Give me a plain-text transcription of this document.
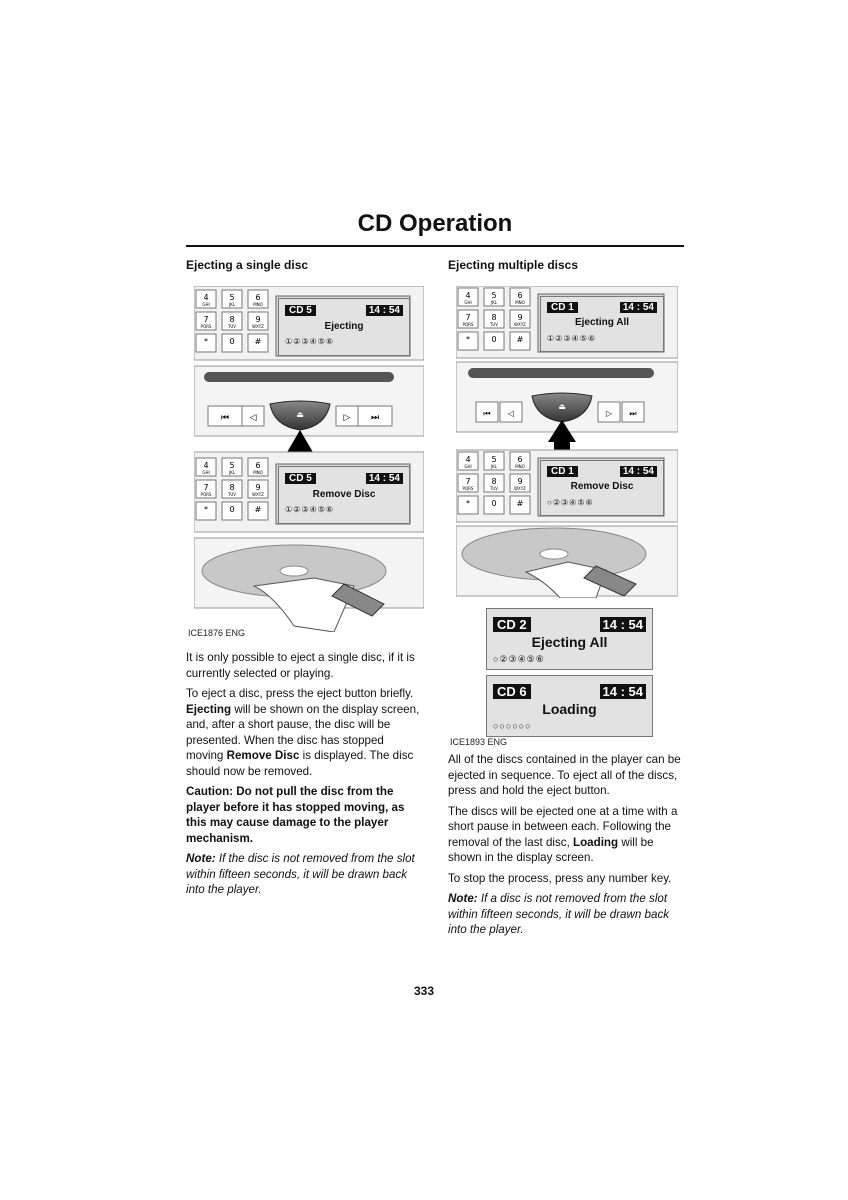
CD Operation
Ejecting a single disc
4
GHI
5
JKL
6
MNO
7
PQRS
8
TUV
9
WXYZ
*	0	#
⏮ ◁	⏏	▷ ⏭
4
GHI
5
JKL
6
MNO
7
PQRS
8
TUV
9
WXYZ
*	0	#
CD 5	14 : 54
Ejecting
①②③④⑤⑥
CD 5	14 : 54
Remove Disc
①②③④⑤⑥
ICE1876 ENG

It is only possible to eject a single disc, if it is currently selected or playing.

To eject a disc, press the eject button briefly. Ejecting will be shown on the display screen, and, after a short pause, the disc will be presented. When the disc has stopped moving Remove Disc is displayed. The disc should now be removed.

Caution: Do not pull the disc from the player before it has stopped moving, as this may cause damage to the player mechanism.

Note: If the disc is not removed from the slot within fifteen seconds, it will be drawn back into the player.

Ejecting multiple discs
4
GHI
5
JKL
6
MNO
7
PQRS
8
TUV
9
WXYZ
*	0	#
⏮ ◁
⏏
▷ ⏭
4
GHI
5
JKL
6
MNO
7
PQRS
8
TUV
9
WXYZ
*	0	#
CD 1	14 : 54
Ejecting All
①②③④⑤⑥
CD 1	14 : 54
Remove Disc
○②③④⑤⑥
CD 2	14 : 54
Ejecting All
○②③④⑤⑥
CD 6	14 : 54
Loading
○○○○○○
ICE1893 ENG

All of the discs contained in the player can be ejected in sequence. To eject all of the discs, press and hold the eject button.

The discs will be ejected one at a time with a short pause in between each. Following the removal of the last disc, Loading will be shown in the display screen.

To stop the process, press any number key.

Note: If a disc is not removed from the slot within fifteen seconds, it will be drawn back into the player.

333
